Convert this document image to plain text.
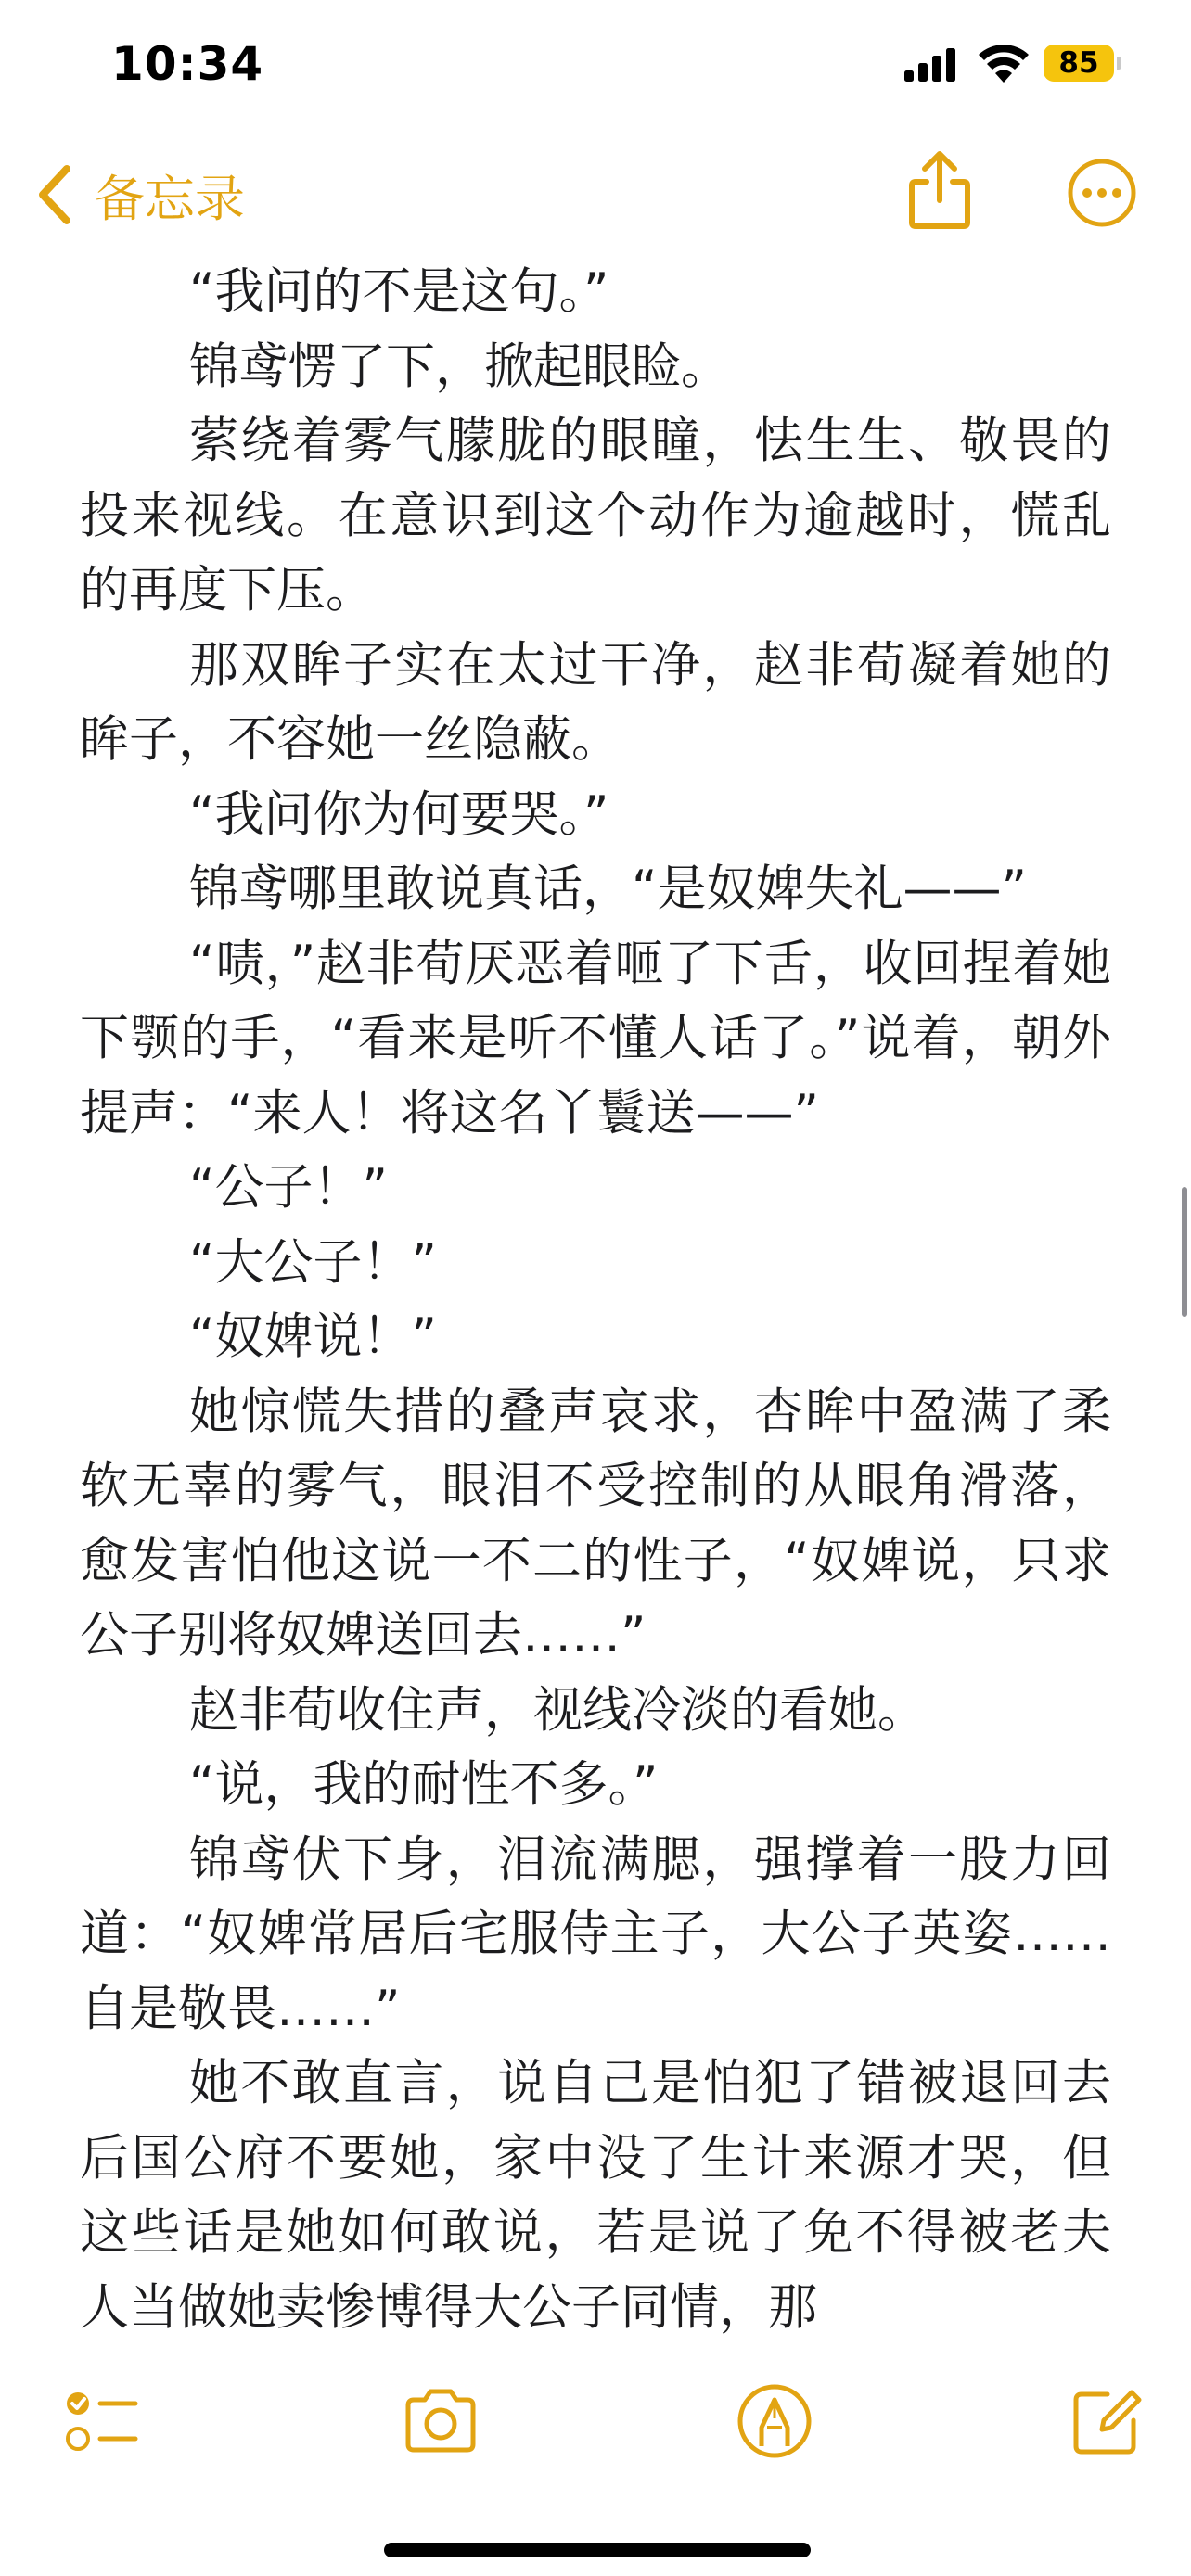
10:34	85
备忘录

“我问的不是这句。”

锦鸢愣了下，掀起眼睑。

萦绕着雾气朦胧的眼瞳，怯生生、敬畏的投来视线。在意识到这个动作为逾越时，慌乱的再度下压。

那双眸子实在太过干净，赵非荀凝着她的眸子，不容她一丝隐蔽。

“我问你为何要哭。”

锦鸢哪里敢说真话，“是奴婢失礼——”

“啧，”赵非荀厌恶着咂了下舌，收回捏着她下颚的手，“看来是听不懂人话了。”说着，朝外提声：“来人！将这名丫鬟送——”

“公子！”

“大公子！”

“奴婢说！”

她惊慌失措的叠声哀求，杏眸中盈满了柔软无辜的雾气，眼泪不受控制的从眼角滑落，愈发害怕他这说一不二的性子，“奴婢说，只求公子别将奴婢送回去……”

赵非荀收住声，视线冷淡的看她。

“说，我的耐性不多。”

锦鸢伏下身，泪流满腮，强撑着一股力回道：“奴婢常居后宅服侍主子，大公子英姿……自是敬畏……”

她不敢直言，说自己是怕犯了错被退回去后国公府不要她，家中没了生计来源才哭，但这些话是她如何敢说，若是说了免不得被老夫人当做她卖惨博得大公子同情，那
